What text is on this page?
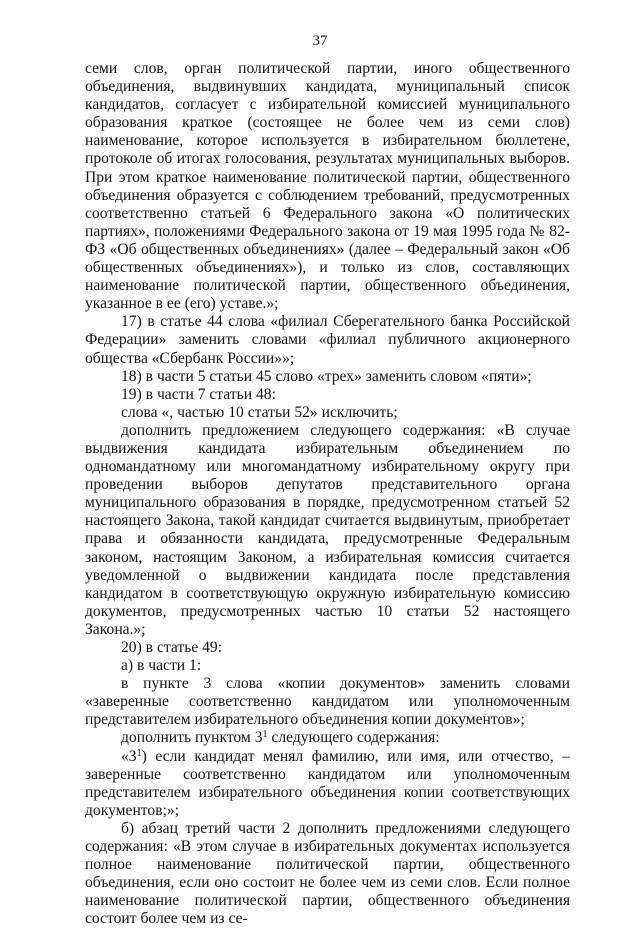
37

семи слов, орган политической партии, иного общественного объединения, выдвинувших кандидата, муниципальный список кандидатов, согласует с избирательной комиссией муниципального образования краткое (состоящее не более чем из семи слов) наименование, которое используется в избирательном бюллетене, протоколе об итогах голосования, результатах муниципальных выборов. При этом краткое наименование политической партии, общественного объединения образуется с соблюдением требований, предусмотренных соответственно статьей 6 Федерального закона «О политических партиях», положениями Федерального закона от 19 мая 1995 года № 82-ФЗ «Об общественных объединениях» (далее – Федеральный закон «Об общественных объединениях»), и только из слов, составляющих наименование политической партии, общественного объединения, указанное в ее (его) уставе.»;

17) в статье 44 слова «филиал Сберегательного банка Российской Федерации» заменить словами «филиал публичного акционерного общества «Сбербанк России»»;

18) в части 5 статьи 45 слово «трех» заменить словом «пяти»;

19) в части 7 статьи 48:

слова «, частью 10 статьи 52» исключить;

дополнить предложением следующего содержания: «В случае выдвижения кандидата избирательным объединением по одномандатному или многомандатному избирательному округу при проведении выборов депутатов представительного органа муниципального образования в порядке, предусмотренном статьей 52 настоящего Закона, такой кандидат считается выдвинутым, приобретает права и обязанности кандидата, предусмотренные Федеральным законом, настоящим Законом, а избирательная комиссия считается уведомленной о выдвижении кандидата после представления кандидатом в соответствующую окружную избирательную комиссию документов, предусмотренных частью 10 статьи 52 настоящего Закона.»;

20) в статье 49:

а) в части 1:

в пункте 3 слова «копии документов» заменить словами «заверенные соответственно кандидатом или уполномоченным представителем избирательного объединения копии документов»;

дополнить пунктом $3^1$ следующего содержания:

«$3^1$) если кандидат менял фамилию, или имя, или отчество, – заверенные соответственно кандидатом или уполномоченным представителем избирательного объединения копии соответствующих документов;»;

б) абзац третий части 2 дополнить предложениями следующего содержания: «В этом случае в избирательных документах используется полное наименование политической партии, общественного объединения, если оно состоит не более чем из семи слов. Если полное наименование политической партии, общественного объединения состоит более чем из се-
